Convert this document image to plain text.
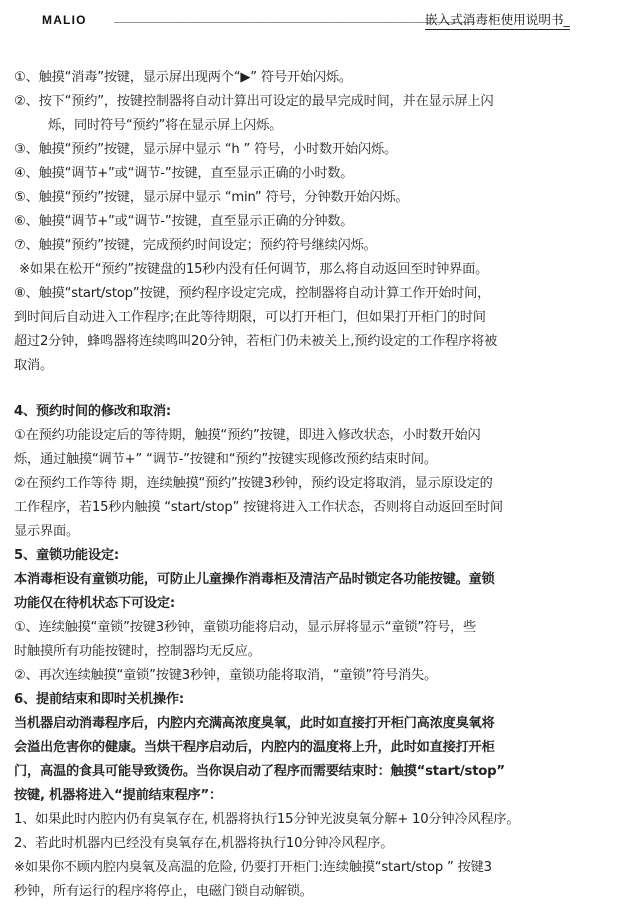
MALIO __________________________________________________
嵌入式消毒柜使用说明书_
①、触摸“消毒”按键，显示屏出现两个“▶” 符号开始闪烁。
②、按下“预约”，按键控制器将自动计算出可设定的最早完成时间，并在显示屏上闪
烁，同时符号“预约”将在显示屏上闪烁。
③、触摸“预约”按键，显示屏中显示 “h ” 符号，小时数开始闪烁。
④、触摸“调节+”或“调节-”按键，直至显示正确的小时数。
⑤、触摸“预约”按键，显示屏中显示 “min” 符号，分钟数开始闪烁。
⑥、触摸“调节+”或“调节-”按键，直至显示正确的分钟数。
⑦、触摸“预约”按键，完成预约时间设定；预约符号继续闪烁。
※如果在松开“预约”按键盘的15秒内没有任何调节，那么将自动返回至时钟界面。
⑧、触摸“start/stop”按键，预约程序设定完成，控制器将自动计算工作开始时间，
到时间后自动进入工作程序;在此等待期限，可以打开柜门，但如果打开柜门的时间
超过2分钟，蜂鸣器将连续鸣叫20分钟，若柜门仍未被关上,预约设定的工作程序将被
取消。
4、预约时间的修改和取消:
①在预约功能设定后的等待期，触摸“预约”按键，即进入修改状态，小时数开始闪
烁，通过触摸“调节+” “调节-”按键和“预约”按键实现修改预约结束时间。
②在预约工作等待 期，连续触摸“预约”按键3秒钟，预约设定将取消，显示原设定的
工作程序，若15秒内触摸 “start/stop” 按键将进入工作状态，否则将自动返回至时间
显示界面。
5、童锁功能设定:
本消毒柜设有童锁功能，可防止儿童操作消毒柜及清洁产品时锁定各功能按键。童锁
功能仅在待机状态下可设定:
①、连续触摸“童锁”按键3秒钟，童锁功能将启动，显示屏将显示“童锁”符号，些
时触摸所有功能按键时，控制器均无反应。
②、再次连续触摸“童锁”按键3秒钟，童锁功能将取消，“童锁”符号消失。
6、提前结束和即时关机操作:
当机器启动消毒程序后，内腔内充满高浓度臭氧，此时如直接打开柜门高浓度臭氧将
会溢出危害你的健康。当烘干程序启动后，内腔内的温度将上升，此时如直接打开柜
门，高温的食具可能导致烫伤。当你误启动了程序而需要结束时：触摸“start/stop”
按键, 机器将进入“提前结束程序”：
1、如果此时内腔内仍有臭氧存在, 机器将执行15分钟光波臭氧分解+ 10分钟冷风程序。
2、若此时机器内已经没有臭氧存在,机器将执行10分钟冷风程序。
※如果你不顾内腔内臭氧及高温的危险, 仍要打开柜门:连续触摸“start/stop ” 按键3
秒钟，所有运行的程序将停止，电磁门锁自动解锁。
